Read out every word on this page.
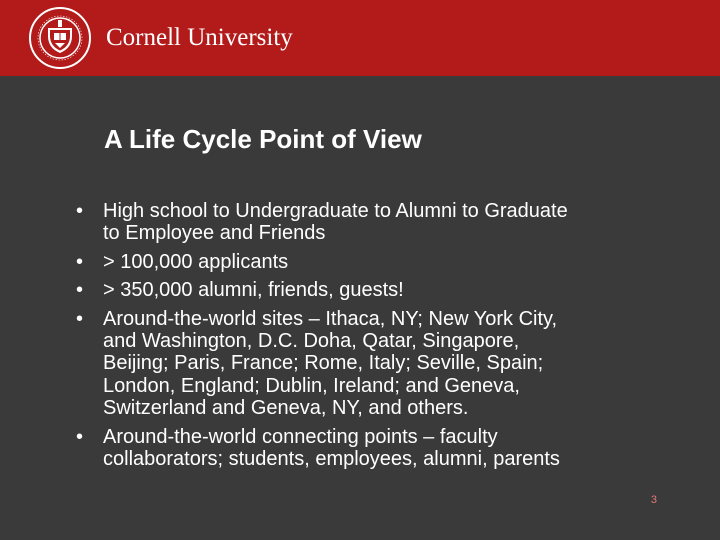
Cornell University
A Life Cycle Point of View
• High school to Undergraduate to Alumni to Graduate
to Employee and Friends
• > 100,000 applicants
• > 350,000 alumni, friends, guests!
• Around-the-world sites – Ithaca, NY; New York City,
and Washington, D.C. Doha, Qatar, Singapore,
Beijing; Paris, France; Rome, Italy; Seville, Spain;
London, England; Dublin, Ireland; and Geneva,
Switzerland and Geneva, NY, and others.
• Around-the-world connecting points – faculty
collaborators; students, employees, alumni, parents
3
